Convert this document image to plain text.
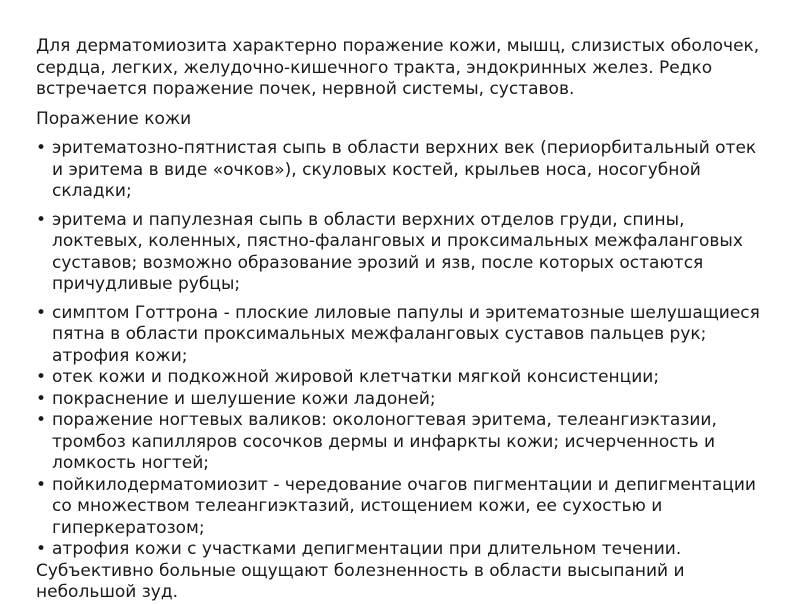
Для дерматомиозита характерно поражение кожи, мышц, слизистых оболочек, сердца, легких, желудочно-кишечного тракта, эндокринных желез. Редко встречается поражение почек, нервной системы, суставов.

Поражение кожи

• эритематозно-пятнистая сыпь в области верхних век (периорбитальный отек и эритема в виде «очков»), скуловых костей, крыльев носа, носогубной складки;
• эритема и папулезная сыпь в области верхних отделов груди, спины, локтевых, коленных, пястно-фаланговых и проксимальных межфаланговых суставов; возможно образование эрозий и язв, после которых остаются причудливые рубцы;
• симптом Готтрона - плоские лиловые папулы и эритематозные шелушащиеся пятна в области проксимальных межфаланговых суставов пальцев рук; атрофия кожи;
• отек кожи и подкожной жировой клетчатки мягкой консистенции;
• покраснение и шелушение кожи ладоней;
• поражение ногтевых валиков: околоногтевая эритема, телеангиэктазии, тромбоз капилляров сосочков дермы и инфаркты кожи; исчерченность и ломкость ногтей;
• пойкилодерматомиозит - чередование очагов пигментации и депигментации со множеством телеангиэктазий, истощением кожи, ее сухостью и гиперкератозом;
• атрофия кожи с участками депигментации при длительном течении.

Субъективно больные ощущают болезненность в области высыпаний и небольшой зуд.
